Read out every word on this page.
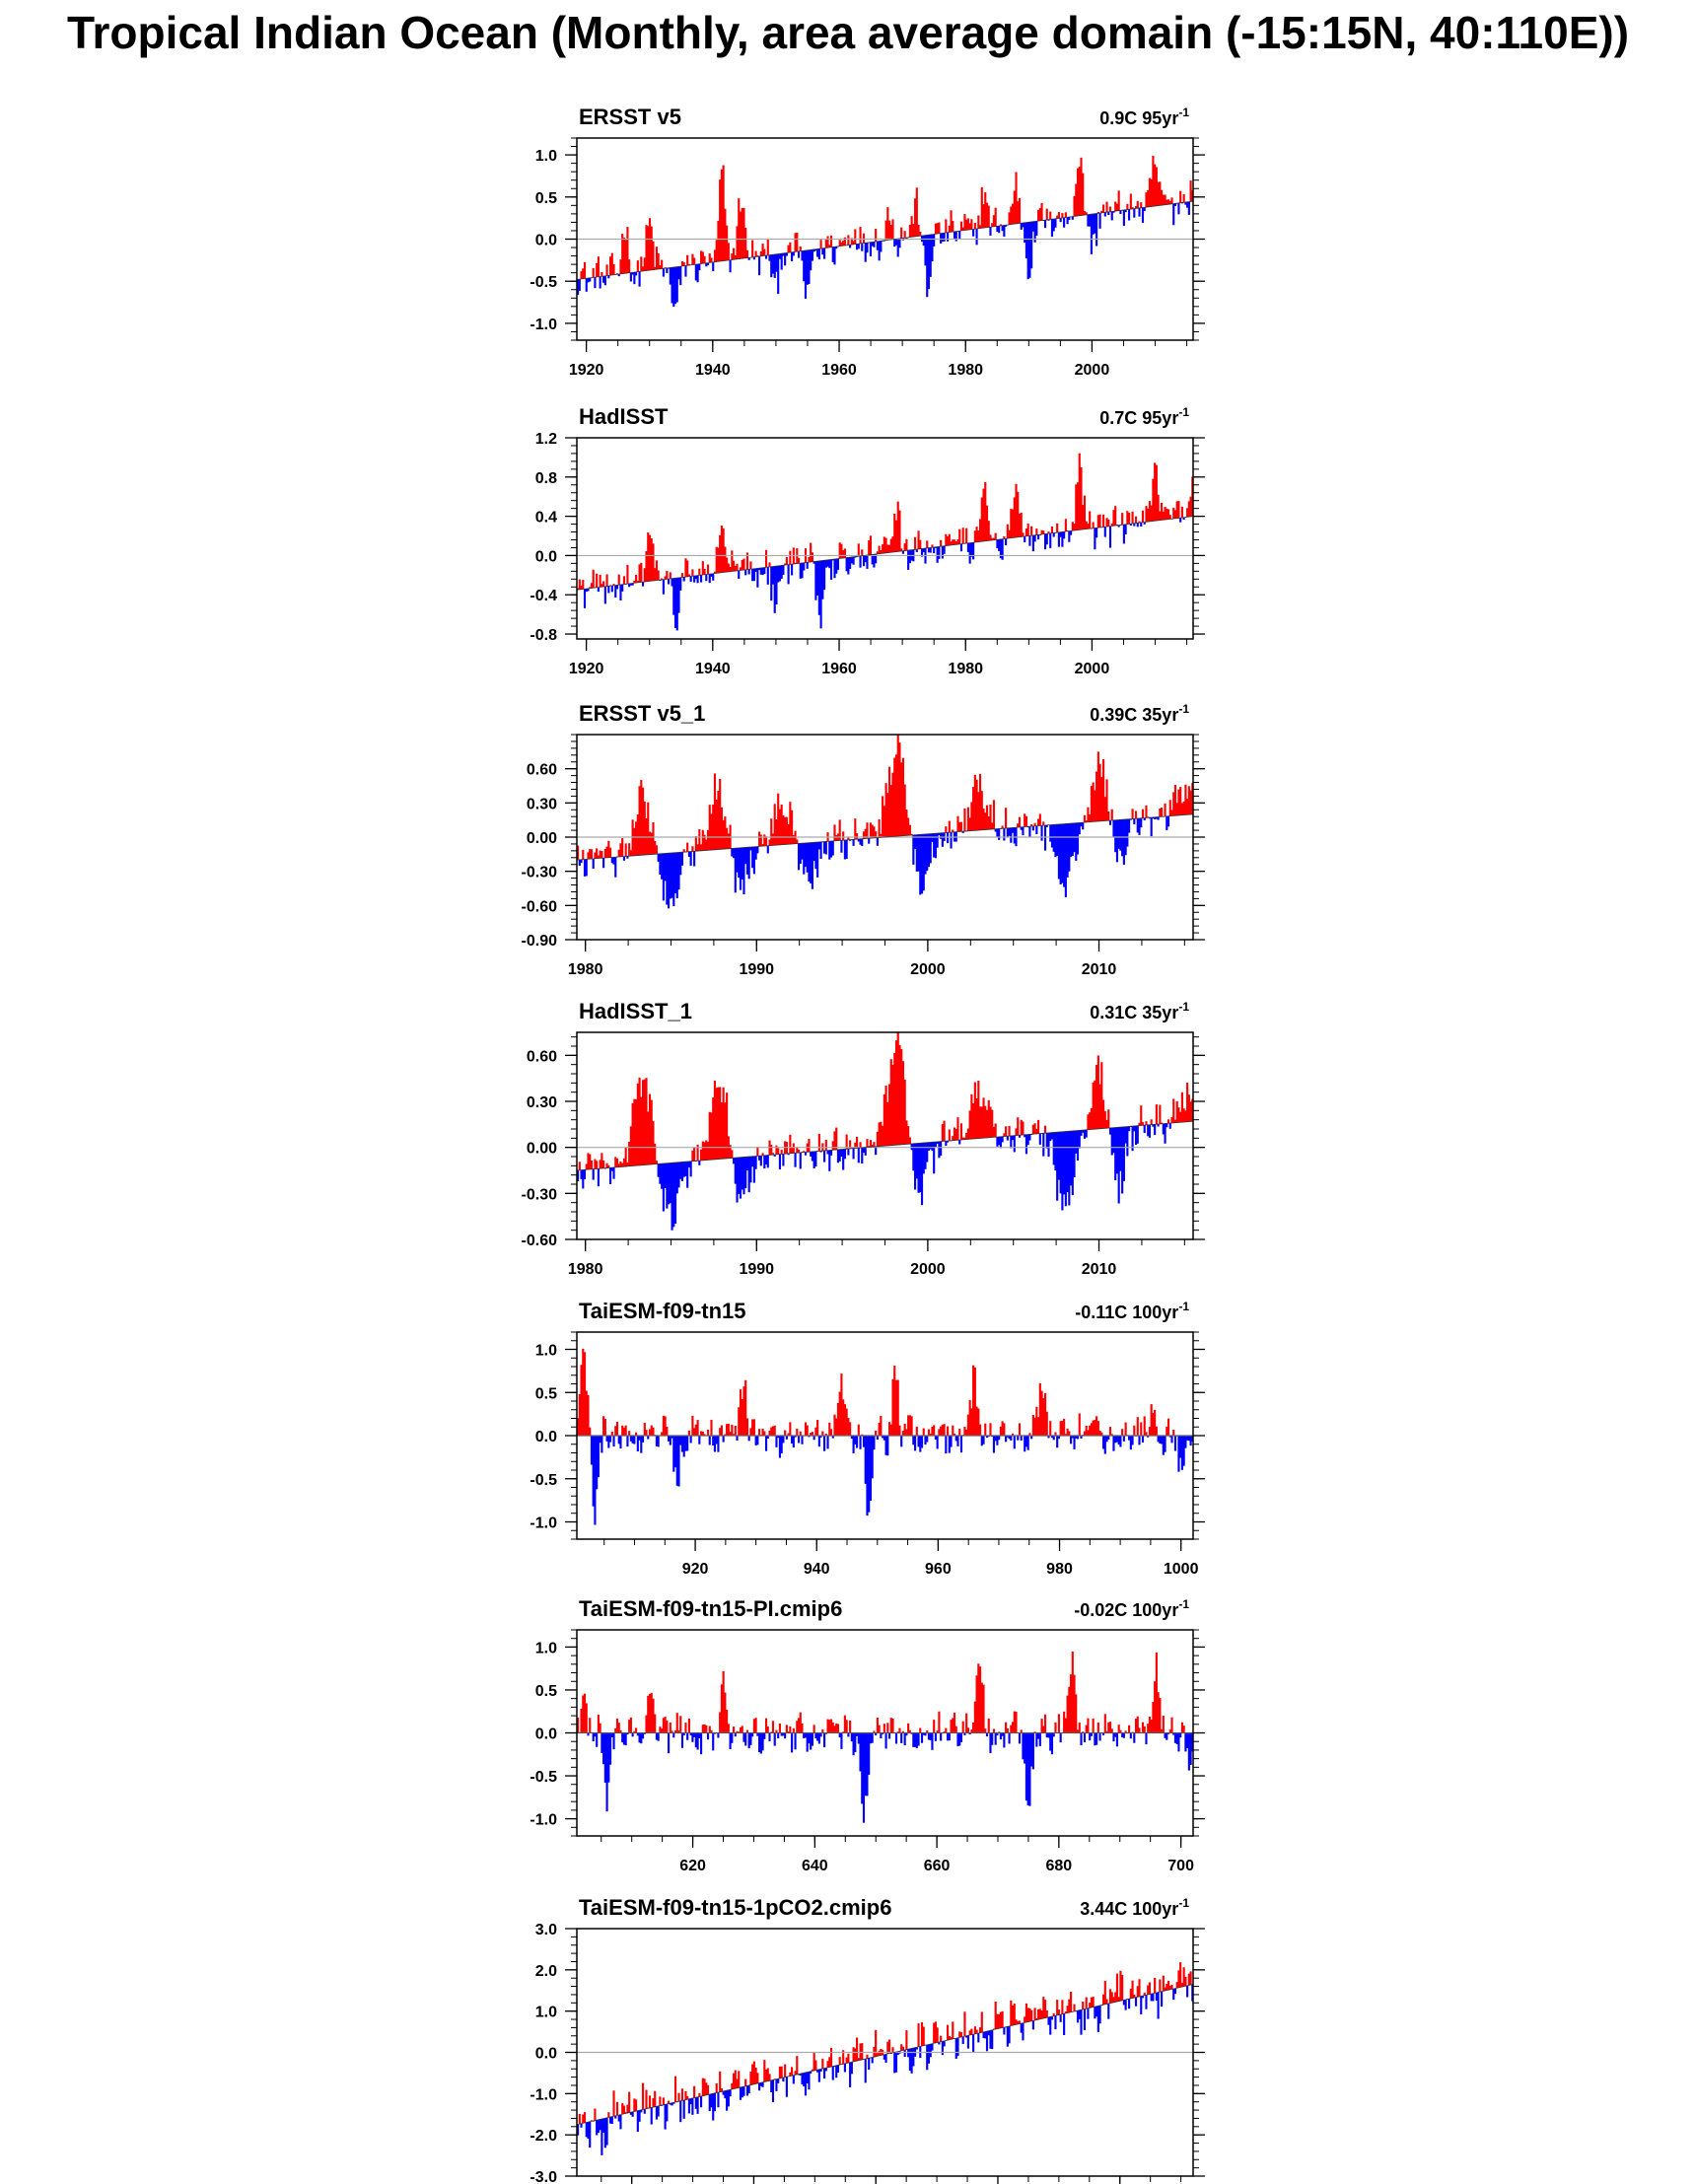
Tropical Indian Ocean (Monthly, area average domain (-15:15N, 40:110E))
1.0
0.5
0.0
-0.5
-1.0
1920	1940	1960	1980	2000
ERSST v5	0.9C $95yr^{-1}$
1.2
0.8
0.4
0.0
-0.4
-0.8
1920	1940	1960	1980	2000
HadISST	0.7C $95yr^{-1}$
0.60
0.30
0.00
-0.30
-0.60
-0.90
1980	1990	2000	2010
ERSST v5_1	0.39C $35yr^{-1}$
0.60
0.30
0.00
-0.30
-0.60
1980	1990	2000	2010
HadISST_1	0.31C $35yr^{-1}$
1.0
0.5
0.0
-0.5
-1.0
920	940	960	980	1000
TaiESM-f09-tn15	-0.11C $100yr^{-1}$
1.0
0.5
0.0
-0.5
-1.0
620	640	660	680	700
TaiESM-f09-tn15-PI.cmip6	-0.02C $100yr^{-1}$
3.0
2.0
1.0
0.0
-1.0
-2.0
-3.0
TaiESM-f09-tn15-1pCO2.cmip6	3.44C $100yr^{-1}$
